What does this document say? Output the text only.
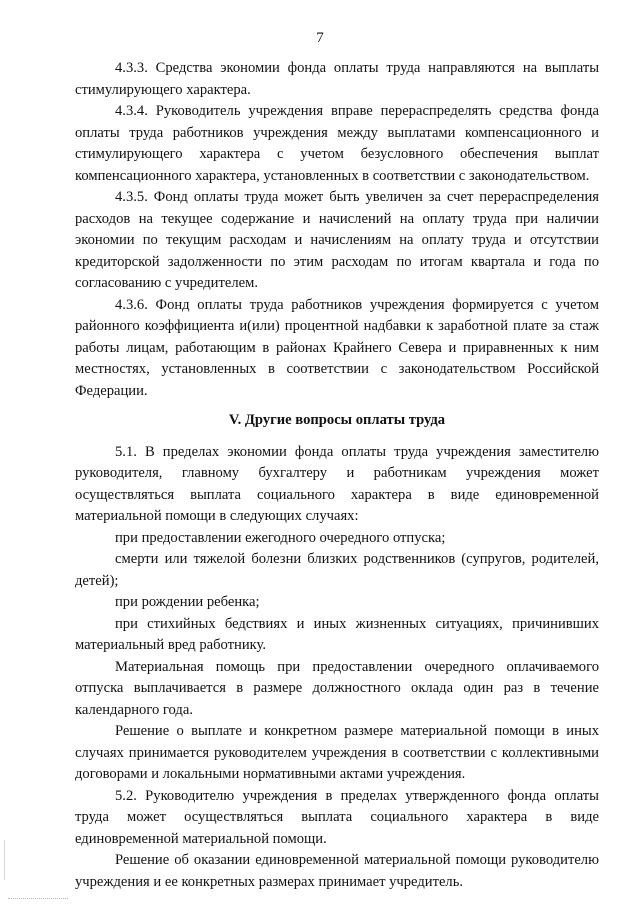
7

4.3.3. Средства экономии фонда оплаты труда направляются на выплаты стимулирующего характера.

4.3.4. Руководитель учреждения вправе перераспределять средства фонда оплаты труда работников учреждения между выплатами компенсационного и стимулирующего характера с учетом безусловного обеспечения выплат компенсационного характера, установленных в соответствии с законодательством.

4.3.5. Фонд оплаты труда может быть увеличен за счет перераспределения расходов на текущее содержание и начислений на оплату труда при наличии экономии по текущим расходам и начислениям на оплату труда и отсутствии кредиторской задолженности по этим расходам по итогам квартала и года по согласованию с учредителем.

4.3.6. Фонд оплаты труда работников учреждения формируется с учетом районного коэффициента и(или) процентной надбавки к заработной плате за стаж работы лицам, работающим в районах Крайнего Севера и приравненных к ним местностях, установленных в соответствии с законодательством Российской Федерации.

V. Другие вопросы оплаты труда

5.1. В пределах экономии фонда оплаты труда учреждения заместителю руководителя, главному бухгалтеру и работникам учреждения может осуществляться выплата социального характера в виде единовременной материальной помощи в следующих случаях:

при предоставлении ежегодного очередного отпуска;

смерти или тяжелой болезни близких родственников (супругов, родителей, детей);

при рождении ребенка;

при стихийных бедствиях и иных жизненных ситуациях, причинивших материальный вред работнику.

Материальная помощь при предоставлении очередного оплачиваемого отпуска выплачивается в размере должностного оклада один раз в течение календарного года.

Решение о выплате и конкретном размере материальной помощи в иных случаях принимается руководителем учреждения в соответствии с коллективными договорами и локальными нормативными актами учреждения.

5.2. Руководителю учреждения в пределах утвержденного фонда оплаты труда может осуществляться выплата социального характера в виде единовременной материальной помощи.

Решение об оказании единовременной материальной помощи руководителю учреждения и ее конкретных размерах принимает учредитель.
